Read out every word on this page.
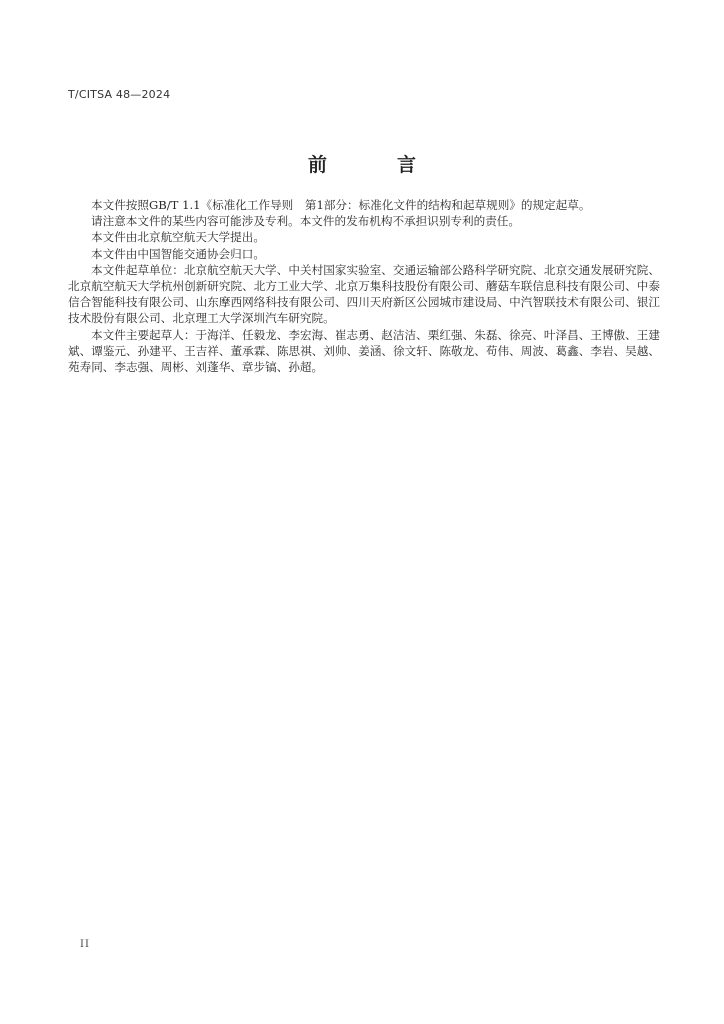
T/CITSA 48—2024
前	言

本文件按照GB/T 1.1《标准化工作导则　第1部分：标准化文件的结构和起草规则》的规定起草。

请注意本文件的某些内容可能涉及专利。本文件的发布机构不承担识别专利的责任。

本文件由北京航空航天大学提出。

本文件由中国智能交通协会归口。

本文件起草单位：北京航空航天大学、中关村国家实验室、交通运输部公路科学研究院、北京交通发展研究院、北京航空航天大学杭州创新研究院、北方工业大学、北京万集科技股份有限公司、蘑菇车联信息科技有限公司、中泰信合智能科技有限公司、山东摩西网络科技有限公司、四川天府新区公园城市建设局、中汽智联技术有限公司、银江技术股份有限公司、北京理工大学深圳汽车研究院。

本文件主要起草人：于海洋、任毅龙、李宏海、崔志勇、赵洁洁、栗红强、朱磊、徐亮、叶泽昌、王博傲、王建斌、谭鉴元、孙建平、王吉祥、董承霖、陈思祺、刘帅、姜涵、徐文轩、陈敬龙、苟伟、周波、葛鑫、李岩、吴越、苑寿同、李志强、周彬、刘蓬华、章步镐、孙超。

II
